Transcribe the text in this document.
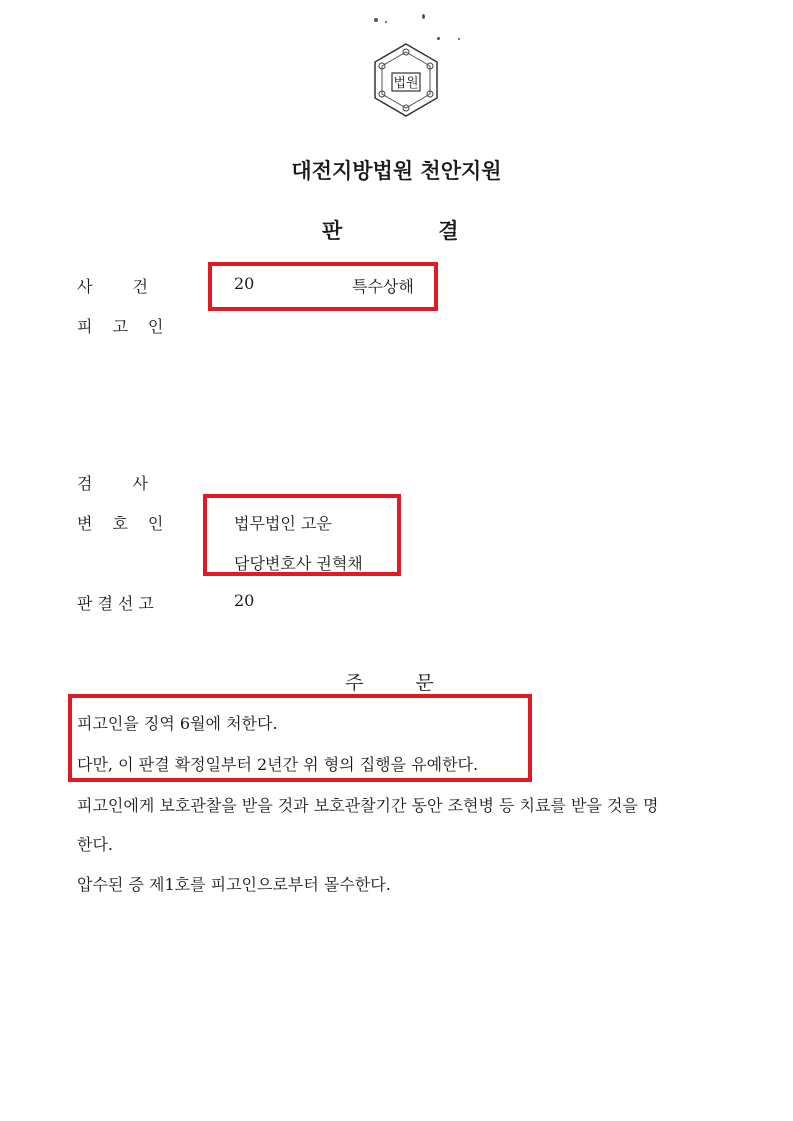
법원
대전지방법원 천안지원
판결
사건	20	특수상해
피고인
검사
변호인	법무법인 고운
담당변호사 권혁채
판결선고	20
주문
피고인을 징역 6월에 처한다.
다만, 이 판결 확정일부터 2년간 위 형의 집행을 유예한다.
피고인에게 보호관찰을 받을 것과 보호관찰기간 동안 조현병 등 치료를 받을 것을 명
한다.
압수된 증 제1호를 피고인으로부터 몰수한다.
